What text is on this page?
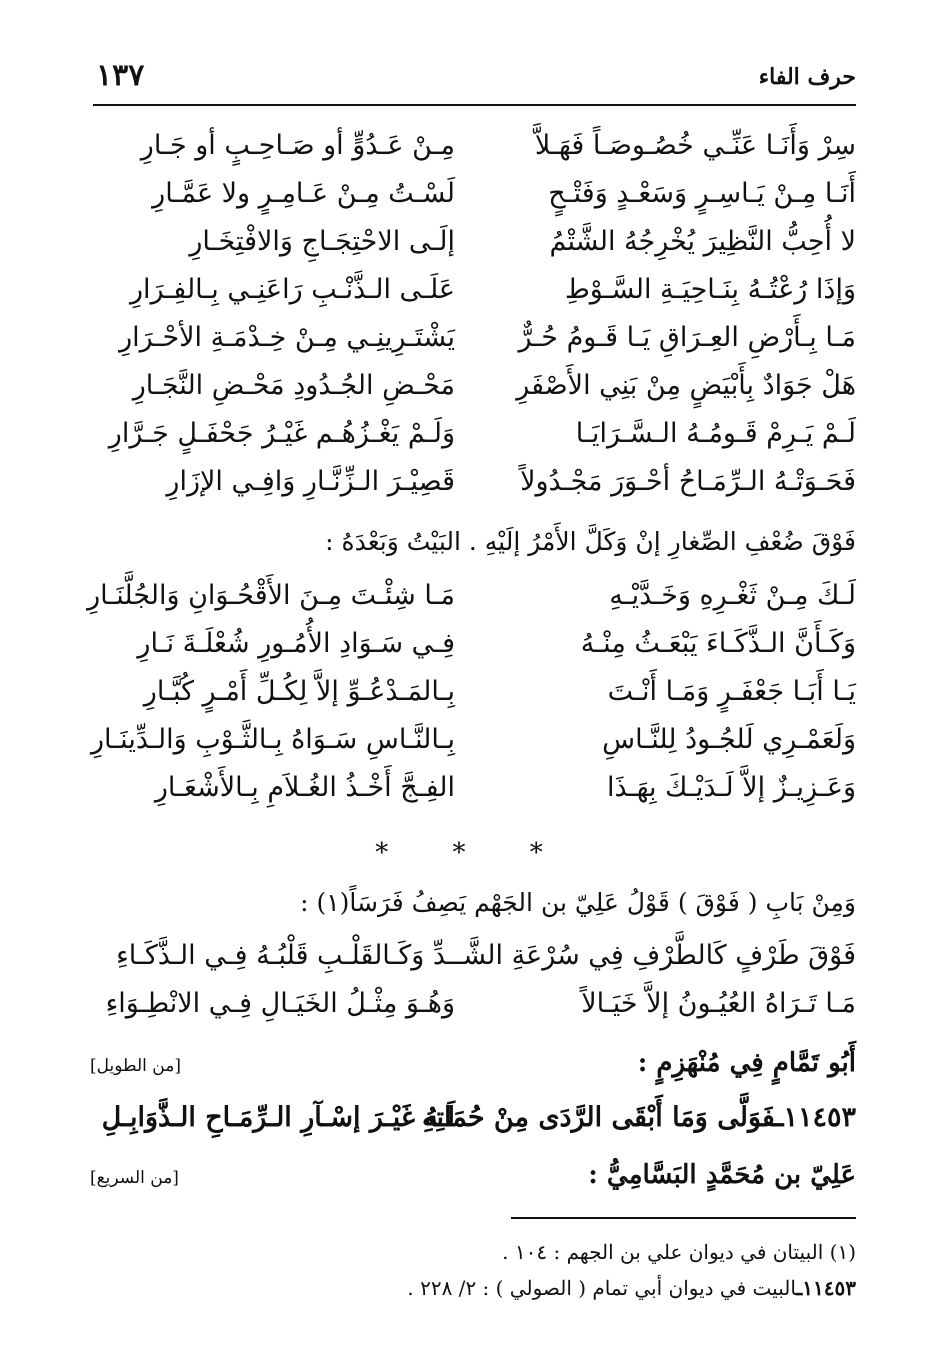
١٣٧	حرف الفاء
سِرْ وَأَنَـا عَنِّـي خُصُـوصَـاً فَهَـلاَّ
مِـنْ عَـدُوٍّ أو صَـاحِـبٍ أو جَـارِ
أَنَـا مِـنْ يَـاسِـرٍ وَسَعْـدٍ وَفَتْـحٍ
لَسْـتُ مِـنْ عَـامِـرٍ ولا عَمَّـارِ
لا أُحِبُّ النَّظِيرَ يُخْرِجُهُ الشَّتْمُ
إلَـى الاحْتِجَـاجِ وَالافْتِخَـارِ
وَإذَا رُعْتُـهُ بِنَـاحِيَـةِ السَّـوْطِ
عَلَـى الـذَّنْـبِ رَاعَنِـي بِـالفِـرَارِ
مَـا بِـأَرْضِ العِـرَاقِ يَـا قَـومُ حُـرٌّ
يَشْتَـرِينِـي مِـنْ خِـدْمَـةِ الأحْـرَارِ
هَلْ جَوَادٌ بِأَبْيَضٍ مِنْ بَنِي الأَصْفَرِ
مَحْـضِ الجُـدُودِ مَحْـضِ النَّجَـارِ
لَـمْ يَـرِمْ قَـومُـهُ الـسَّـرَايَـا
وَلَـمْ يَغْـزُهُـم غَيْـرُ جَحْفَـلٍ جَـرَّارِ
فَحَـوَتْـهُ الـرِّمَـاحُ أحْـوَرَ مَجْـدُولاً
قَصِيْـرَ الـزِّنَّـارِ وَافِـي الإزَارِ
فَوْقَ ضُعْفِ الصِّغارِ إنْ وَكَلَّ الأَمْرُ إلَيْهِ . البَيْتُ وَبَعْدَهُ :
لَـكَ مِـنْ ثَغْـرِهِ وَخَـدَّيْـهِ
مَـا شِئْـتَ مِـنَ الأَقْحُـوَانِ وَالجُلَّنَـارِ
وَكَـأَنَّ الـذَّكَـاءَ يَبْعَـثُ مِنْـهُ
فِـي سَـوَادِ الأُمُـورِ شُعْلَـةَ نَـارِ
يَـا أَبَـا جَعْفَـرٍ وَمَـا أَنْـتَ
بِـالمَـدْعُـوِّ إلاَّ لِكُـلِّ أَمْـرٍ كُبَّـارِ
وَلَعَمْـرِي لَلجُـودُ لِلنَّـاسِ
بِـالنَّـاسِ سَـوَاهُ بِـالثَّـوْبِ وَالـدِّينَـارِ
وَعَـزِيـزٌ إلاَّ لَـدَيْـكَ بِهَـذَا
الفِـجَّ أَخْـذُ الغُـلاَمِ بِـالأَشْعَـارِ
* * *
وَمِنْ بَابِ ( فَوْقَ ) قَوْلُ عَلِيّ بن الجَهْم يَصِفُ فَرَسَاً(١) :
فَوْقَ طَرْفٍ كَالطَّرْفِ فِي سُرْعَةِ الشَّـ
ـدِّ وَكَـالقَلْـبِ قَلْبُـهُ فِـي الـذَّكَـاءِ
مَـا تَـرَاهُ العُيُـونُ إلاَّ خَيَـالاً
وَهُـوَ مِثْـلُ الخَيَـالِ فِـي الانْطِـوَاءِ
أَبُو تَمَّامٍ فِي مُنْهَزِمٍ :
[من الطويل]
١١٤٥٣ـفَوَلَّى وَمَا أَبْقَى الرَّدَى مِنْ حُمَاتِهِ
لَـهُ غَيْـرَ إسْـآرِ الـرِّمَـاحِ الـذَّوَابِـلِ
عَلِيّ بن مُحَمَّدٍ البَسَّامِيُّ :
[من السريع]
(١) البيتان في ديوان علي بن الجهم : ١٠٤ .
١١٤٥٣ـالبيت في ديوان أبي تمام ( الصولي ) : ٢/ ٢٢٨ .
